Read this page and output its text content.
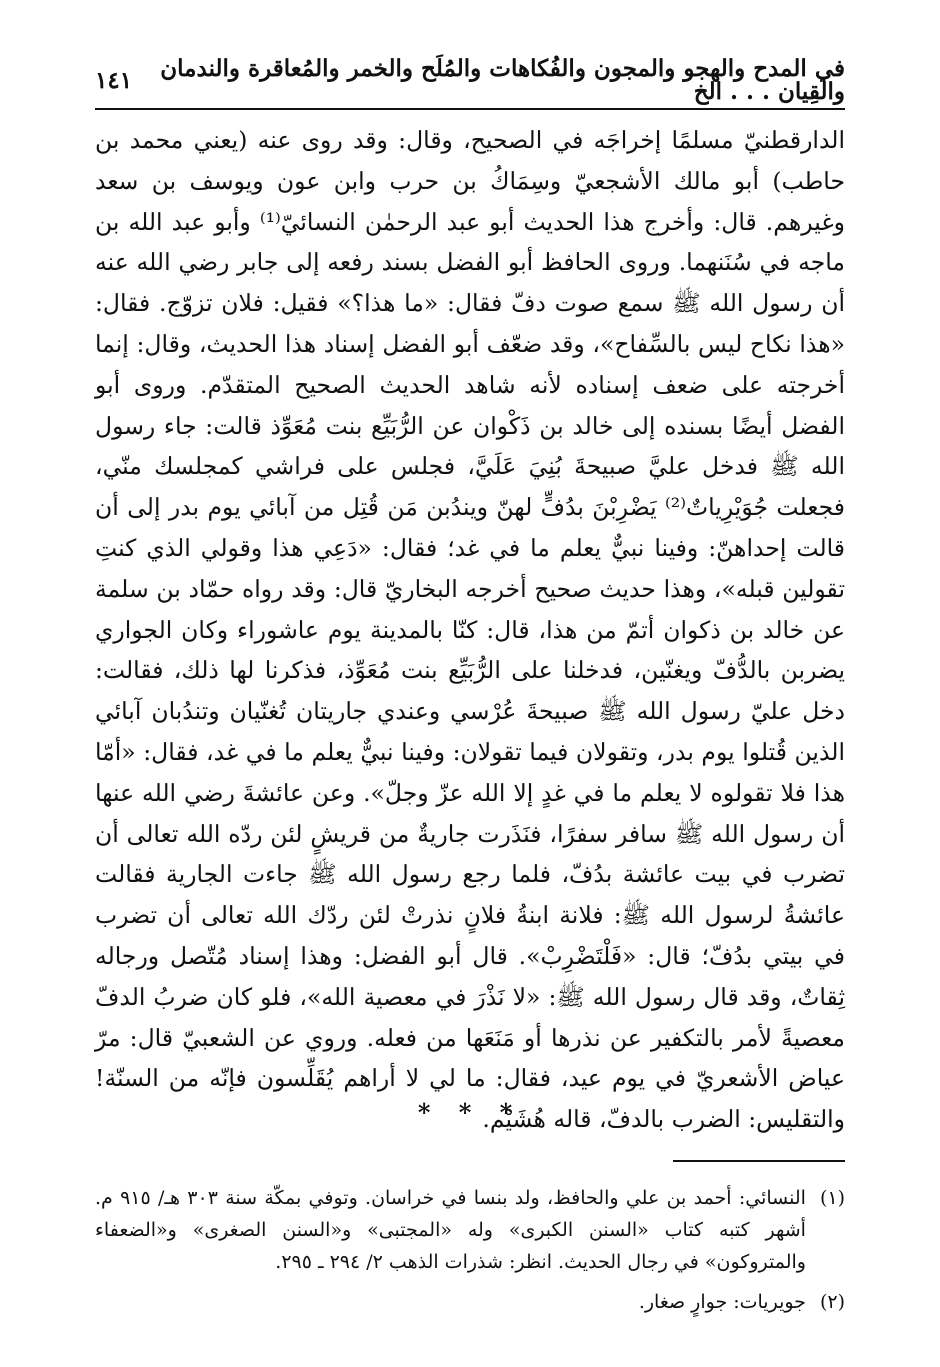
في المدح والهجو والمجون والفُكاهات والمُلَح والخمر والمُعاقرة والندمان والقِيان . . . الخ
١٤١

الدارقطنيّ مسلمًا إخراجَه في الصحيح، وقال: وقد روى عنه (يعني محمد بن حاطب) أبو مالك الأشجعيّ وسِمَاكُ بن حرب وابن عون ويوسف بن سعد وغيرهم. قال: وأخرج هذا الحديث أبو عبد الرحمٰن النسائيّ⁽¹⁾ وأبو عبد الله بن ماجه في سُنَنهما. وروى الحافظ أبو الفضل بسند رفعه إلى جابر رضي الله عنه أن رسول الله ﷺ سمع صوت دفّ فقال: «ما هذا؟» فقيل: فلان تزوّج. فقال: «هذا نكاح ليس بالسِّفاح»، وقد ضعّف أبو الفضل إسناد هذا الحديث، وقال: إنما أخرجته على ضعف إسناده لأنه شاهد الحديث الصحيح المتقدّم. وروى أبو الفضل أيضًا بسنده إلى خالد بن ذَكْوان عن الرُّبَيِّع بنت مُعَوِّذ قالت: جاء رسول الله ﷺ فدخل عليَّ صبيحةَ بُنِيَ عَلَيَّ، فجلس على فراشي كمجلسك منّي، فجعلت جُوَيْرِياتٌ⁽²⁾ يَضْرِبْنَ بدُفٍّ لهنّ ويندُبن مَن قُتِل من آبائي يوم بدر إلى أن قالت إحداهنّ: وفينا نبيٌّ يعلم ما في غد؛ فقال: «دَعِي هذا وقولي الذي كنتِ تقولين قبله»، وهذا حديث صحيح أخرجه البخاريّ قال: وقد رواه حمّاد بن سلمة عن خالد بن ذكوان أتمّ من هذا، قال: كنّا بالمدينة يوم عاشوراء وكان الجواري يضربن بالدُّفّ ويغنّين، فدخلنا على الرُّبَيِّع بنت مُعَوِّذ، فذكرنا لها ذلك، فقالت: دخل عليّ رسول الله ﷺ صبيحةَ عُرْسي وعندي جاريتان تُغنّيان وتندُبان آبائي الذين قُتلوا يوم بدر، وتقولان فيما تقولان: وفينا نبيٌّ يعلم ما في غد، فقال: «أمّا هذا فلا تقولوه لا يعلم ما في غدٍ إلا الله عزّ وجلّ». وعن عائشةَ رضي الله عنها أن رسول الله ﷺ سافر سفرًا، فنَذَرت جاريةٌ من قريشٍ لئن ردّه الله تعالى أن تضرب في بيت عائشة بدُفّ، فلما رجع رسول الله ﷺ جاءت الجارية فقالت عائشةُ لرسول الله ﷺ: فلانة ابنةُ فلانٍ نذرتْ لئن ردّك الله تعالى أن تضرب في بيتي بدُفّ؛ قال: «فَلْتَضْرِبْ». قال أبو الفضل: وهذا إسناد مُتّصل ورجاله ثِقاتٌ، وقد قال رسول الله ﷺ: «لا نَذْرَ في معصية الله»، فلو كان ضربُ الدفّ معصيةً لأمر بالتكفير عن نذرها أو مَنَعَها من فعله. وروي عن الشعبيّ قال: مرّ عياض الأشعريّ في يوم عيد، فقال: ما لي لا أراهم يُقَلِّسون فإنّه من السنّة! والتقليس: الضرب بالدفّ، قاله هُشَيْم.

* * *
(١)
النسائي: أحمد بن علي والحافظ، ولد بنسا في خراسان. وتوفي بمكّة سنة ٣٠٣ هـ/ ٩١٥ م. أشهر كتبه كتاب «السنن الكبرى» وله «المجتبى» و«السنن الصغرى» و«الضعفاء والمتروكون» في رجال الحديث. انظر: شذرات الذهب ٢/ ٢٩٤ ـ ٢٩٥.
(٢)
جويريات: جوارٍ صغار.
